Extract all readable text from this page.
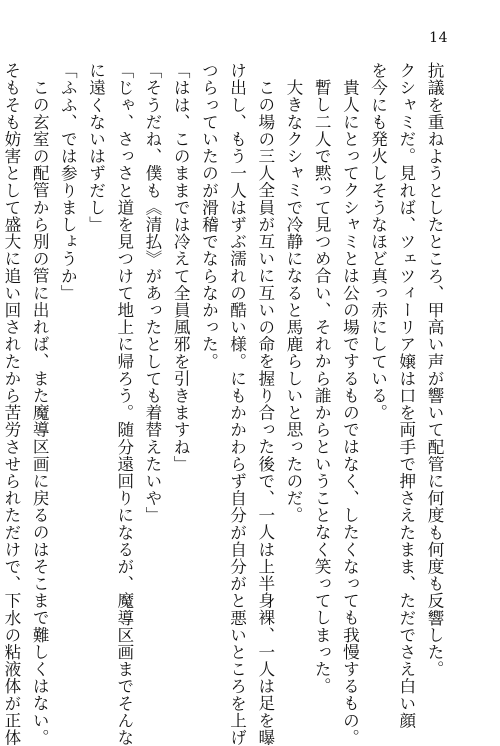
14

抗議を重ねようとしたところ、甲高い声が響いて配管に何度も何度も反響した。

クシャミだ。見れば、ツェツィーリア嬢は口を両手で押さえたまま、ただでさえ白い顔

を今にも発火しそうなほど真っ赤にしている。

貴人にとってクシャミとは公の場でするものではなく、したくなっても我慢するもの。

暫し二人で黙って見つめ合い、それから誰からということなく笑ってしまった。

大きなクシャミで冷静になると馬鹿らしいと思ったのだ。

この場の三人全員が互いに互いの命を握り合った後で、一人は上半身裸、一人は足を曝

け出し、もう一人はずぶ濡れの酷い様。にもかかわらず自分が自分がと悪いところを上げ

つらっていたのが滑稽でならなかった。

「はは、このままでは冷えて全員風邪を引きますね」

「そうだね、僕も《清払》があったとしても着替えたいや」

「じゃ、さっさと道を見つけて地上に帰ろう。随分遠回りになるが、魔導区画までそんな

に遠くないはずだし」

「ふふ、では参りましょうか」

この玄室の配管から別の管に出れば、また魔導区画に戻るのはそこまで難しくはない。

そもそも妨害として盛大に追い回されたから苦労させられただけで、下水の粘液体が正体
